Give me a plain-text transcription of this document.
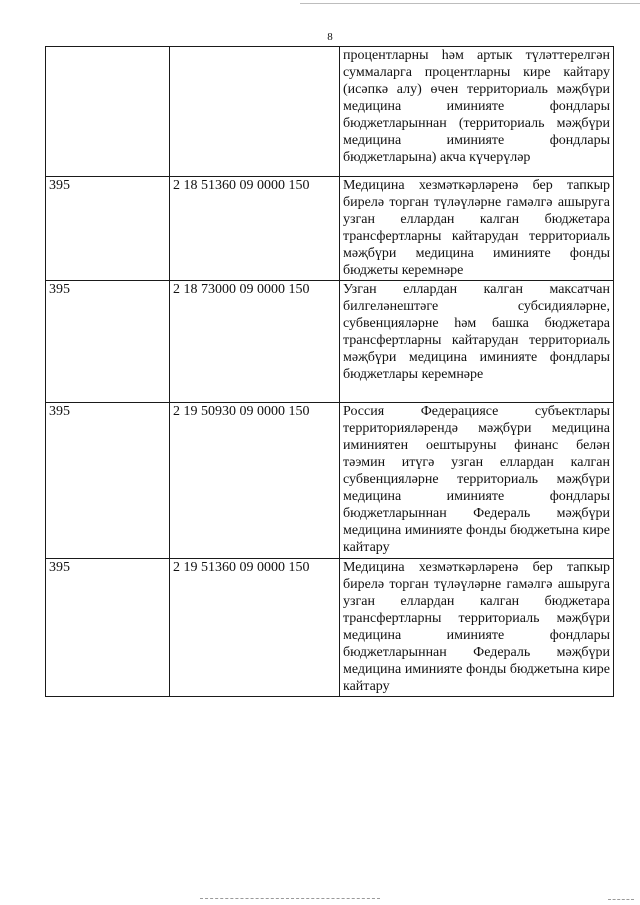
8
		процентларны һәм артык түләттерелгән суммаларга процентларны кире кайтару (исәпкә алу) өчен территориаль мәҗбүри медицина иминияте фондлары бюджетларыннан (территориаль мәҗбүри медицина иминияте фондлары бюджетларына) акча күчерүләр
395	2 18 51360 09 0000 150	Медицина хезмәткәрләренә бер тапкыр бирелә торган түләүләрне гамәлгә ашыруга узган еллардан калган бюджетара трансфертларны кайтарудан территориаль мәҗбүри медицина иминияте фонды бюджеты керемнәре
395	2 18 73000 09 0000 150	Узган еллардан калган максатчан билгеләнештәге субсидияләрне, субвенцияләрне һәм башка бюджетара трансфертларны кайтарудан территориаль мәҗбүри медицина иминияте фондлары бюджетлары керемнәре
395	2 19 50930 09 0000 150	Россия Федерациясе субъектлары территорияләрендә мәҗбүри медицина иминиятен оештыруны финанс белән тәэмин итүгә узган еллардан калган субвенцияләрне территориаль мәҗбүри медицина иминияте фондлары бюджетларыннан Федераль мәҗбүри медицина иминияте фонды бюджетына кире кайтару
395	2 19 51360 09 0000 150	Медицина хезмәткәрләренә бер тапкыр бирелә торган түләүләрне гамәлгә ашыруга узган еллардан калган бюджетара трансфертларны территориаль мәҗбүри медицина иминияте фондлары бюджетларыннан Федераль мәҗбүри медицина иминияте фонды бюджетына кире кайтару
